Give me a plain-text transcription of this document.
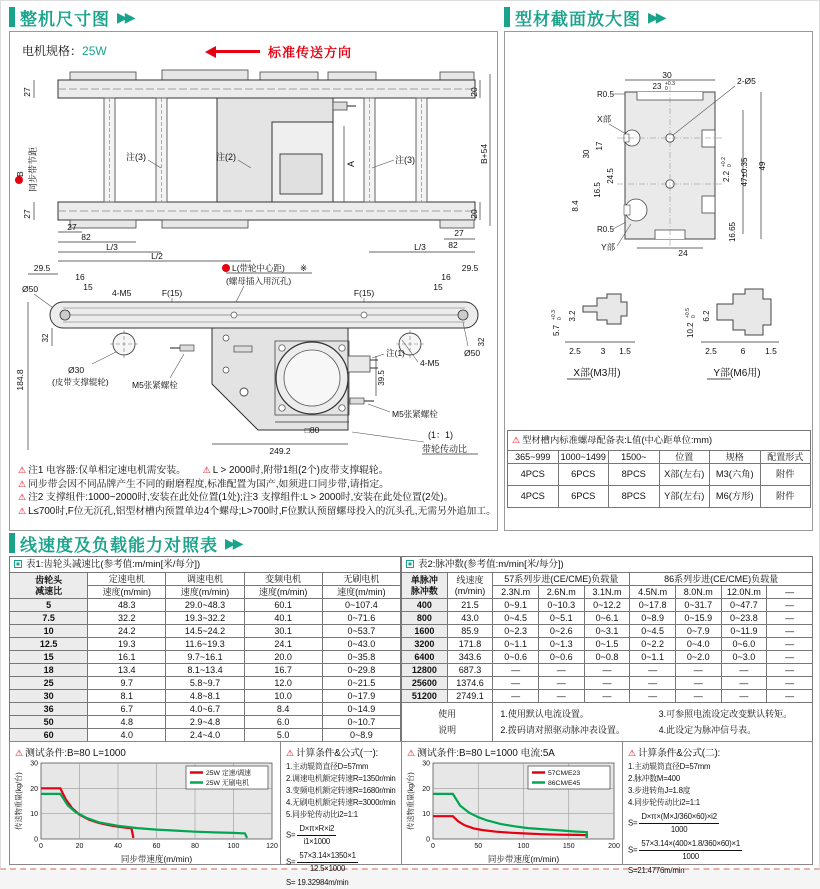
整机尺寸图 ▶▶	型材截面放大图 ▶▶
电机规格：25W	标准传送方向
注(3)	注(2)	注(3)
A
27
27
B 同步带节距
20
B+54
20
27
82
27
82
L/3
L/2
L/3
29.5
16
15
4-M5
Ø50	F(15)	F(15)
L(带轮中心距) ※
(螺母插入用沉孔)	16
15
29.5
184.8
32	32
Ø50
Ø30
(皮带支撑辊轮)	M5张紧螺栓
注(1)
39.5
4-M5
M5张紧螺栓
□80
249.2
(1：1)
带轮传动比
⚠ 注1 电容器:仅单相定速电机需安装。 ⚠ L > 2000时,附带1组(2个)皮带支撑辊轮。
⚠ 同步带会因不同品牌产生不同的耐磨程度,标准配置为国产,如须进口同步带,请指定。
⚠ 注2 支撑组件:1000~2000时,安装在此处位置(1处);注3 支撑组件:L > 2000时,安装在此处位置(2处)。
⚠ L≤700时,F位无沉孔,铝型材槽内预置单边4个螺母;L>700时,F位默认预留螺母投入的沉头孔,无需另外追加工。
30
23 +0.3
0
2-Ø5
R0.5
X部
30
17
24.5
16.5
8.4
R0.5
Y部
24
2.2
+0.2 0 47±0.35 49
16.65
5.7
+0.3 0 3.2
2.5 3 1.5
X部(M3用)
10.2
+0.5 0 6.2
2.5	6 1.5
Y部(M6用)
⚠ 型材槽内标准螺母配备表:L值(中心距单位:mm)					
365~999	1000~1499	1500~	位置	规格	配置形式
4PCS	6PCS	8PCS	X部(左右)	M3(六角)	附件
4PCS	6PCS	8PCS	Y部(左右)	M6(方形)	附件
线速度及负载能力对照表 ▶▶
表1:齿轮头减速比(参考值:m/min[米/每分])				
齿轮头
减速比	定速电机	调速电机	变频电机	无刷电机
	速度(m/min)	速度(m/min)	速度(m/min)	速度(m/min)
5	48.3	29.0~48.3	60.1	0~107.4
7.5	32.2	19.3~32.2	40.1	0~71.6
10	24.2	14.5~24.2	30.1	0~53.7
12.5	19.3	11.6~19.3	24.1	0~43.0
15	16.1	9.7~16.1	20.0	0~35.8
18	13.4	8.1~13.4	16.7	0~29.8
25	9.7	5.8~9.7	12.0	0~21.5
30	8.1	4.8~8.1	10.0	0~17.9
36	6.7	4.0~6.7	8.4	0~14.9
50	4.8	2.9~4.8	6.0	0~10.7
60	4.0	2.4~4.0	5.0	0~8.9
表2:脉冲数(参考值:m/min[米/每分])								
单脉冲
脉冲数	线速度
(m/min)	57系列步进(CE/CME)负载量			86系列步进(CE/CME)负载量			
		2.3N.m	2.6N.m	3.1N.m	4.5N.m	8.0N.m	12.0N.m	—
400	21.5	0~9.1	0~10.3	0~12.2	0~17.8	0~31.7	0~47.7	—
800	43.0	0~4.5	0~5.1	0~6.1	0~8.9	0~15.9	0~23.8	—
1600	85.9	0~2.3	0~2.6	0~3.1	0~4.5	0~7.9	0~11.9	—
3200	171.8	0~1.1	0~1.3	0~1.5	0~2.2	0~4.0	0~6.0	—
6400	343.6	0~0.6	0~0.6	0~0.8	0~1.1	0~2.0	0~3.0	—
12800	687.3	—	—	—	—	—	—	—
25600	1374.6	—	—	—	—	—	—	—
51200	2749.1	—	—	—	—	—	—	—

使用
说明

1.使用默认电流设置。
2.拨码请对照驱动脉冲表设置。
3.可参照电流设定改变默认转矩。
4.此设定为脉冲信号表。
⚠ 测试条件:B=80 L=1000
0	20	40	60	80	100	120
0
10
20
30
25W 定速/调速
25W 无刷电机
同步带速度(m/min)
传送物重量(kg/台)
⚠ 计算条件&公式(一):
1.主动辊筒直径D=57mm
2.调速电机额定转速R=1350r/min
3.变频电机额定转速R=1680r/min
4.无刷电机额定转速R=3000r/min
5.同步轮传动比i2=1:1
$S= \frac{D\times\pi\times R\times i2}{i1\times 1000}$
$S= \frac{57\times 3.14\times 1350\times 1}{12.5\times 1000}$
S= 19.32984m/min
⚠ 测试条件:B=80 L=1000 电流:5A
0	50	100	150	200
0
10
20
30
57CM/E23
86CM/E45
同步带速度(m/min)
传送物重量(kg/台)
⚠ 计算条件&公式(二):
1.主动辊筒直径D=57mm
2.脉冲数M=400
3.步进转角J=1.8度
4.同步轮传动比i2=1:1
$S= \frac{D\times\pi\times(M\times J/360\times 60)\times i2}{1000}$
$S= \frac{57\times 3.14\times(400\times 1.8/360\times 60)\times 1}{1000}$
S=21.4776m/min
